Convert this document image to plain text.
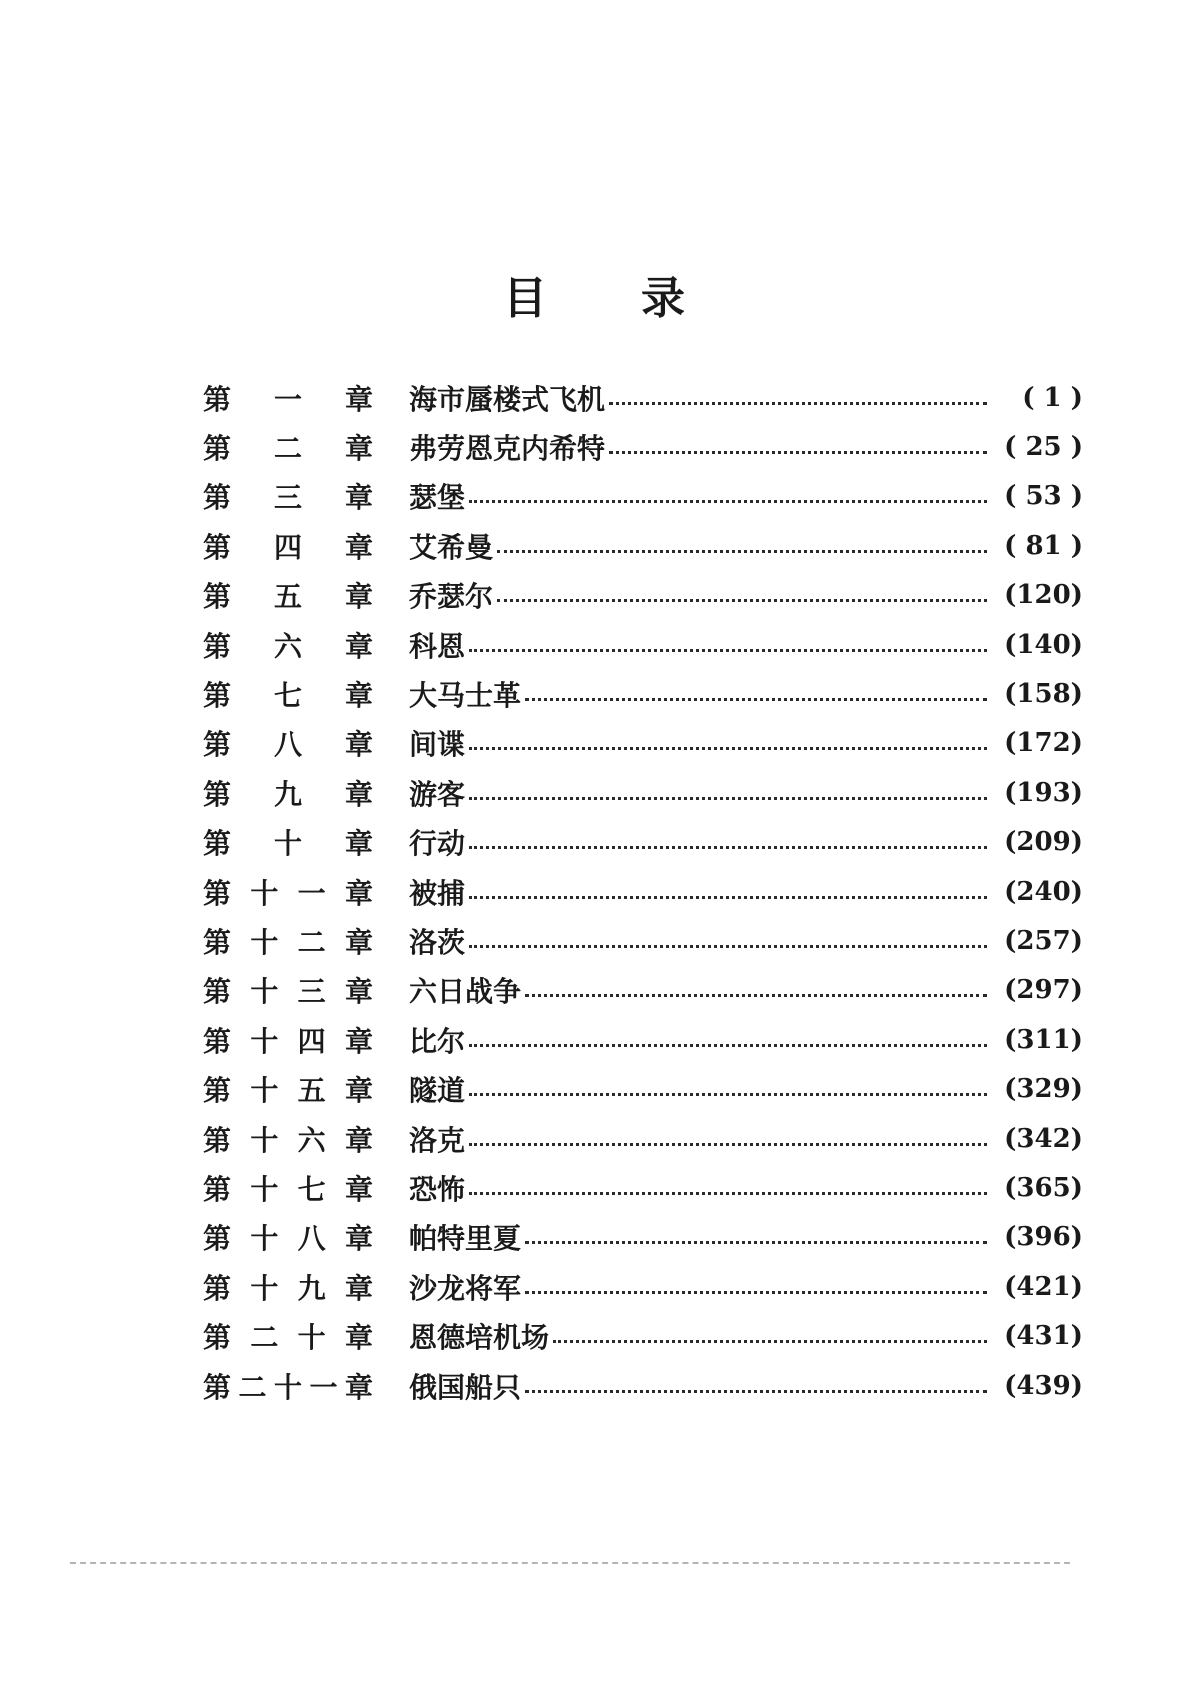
目 录
第 一 章 海市蜃楼式飞机	( 1 )
第 二 章 弗劳恩克内希特	( 25 )
第 三 章 瑟堡	( 53 )
第 四 章 艾希曼	( 81 )
第 五 章 乔瑟尔	(120)
第 六 章 科恩	(140)
第 七 章 大马士革	(158)
第 八 章 间谍	(172)
第 九 章 游客	(193)
第 十 章 行动	(209)
第 十 一 章 被捕	(240)
第 十 二 章 洛茨	(257)
第 十 三 章 六日战争	(297)
第 十 四 章 比尔	(311)
第 十 五 章 隧道	(329)
第 十 六 章 洛克	(342)
第 十 七 章 恐怖	(365)
第 十 八 章 帕特里夏	(396)
第 十 九 章 沙龙将军	(421)
第 二 十 章 恩德培机场	(431)
第 二 十 一 章 俄国船只	(439)
